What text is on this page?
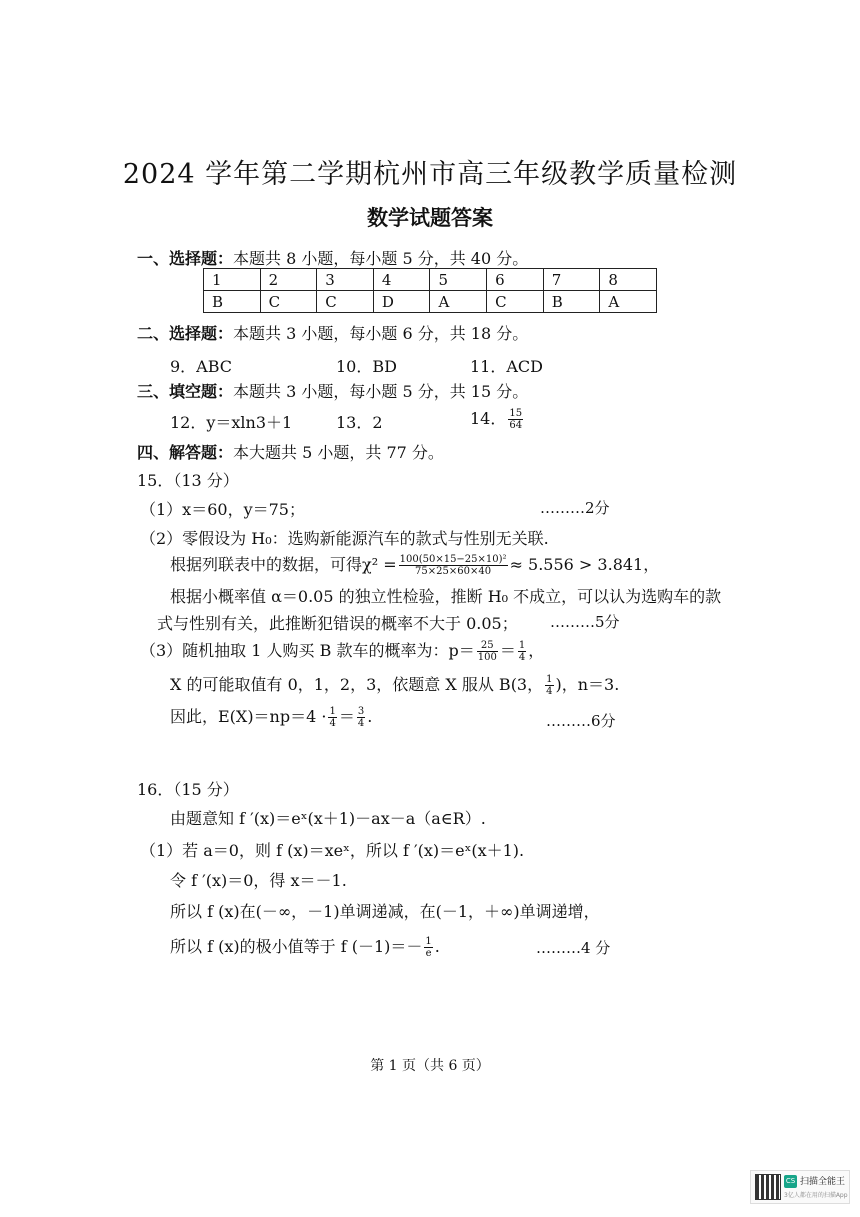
2024 学年第二学期杭州市高三年级教学质量检测
数学试题答案
一、选择题：本题共 8 小题，每小题 5 分，共 40 分。
1	2	3	4	5	6	7	8
B	C	C	D	A	C	B	A
二、选择题：本题共 3 小题，每小题 6 分，共 18 分。
9．ABC	10．BD	11．ACD
三、填空题：本题共 3 小题，每小题 5 分，共 15 分。
12．y＝xln3＋1	13．2	14． $\frac{15}{64}$
四、解答题：本大题共 5 小题，共 77 分。
15．（13 分）
（1）x＝60，y＝75；	………2分
（2）零假设为 H₀：选购新能源汽车的款式与性别无关联.
根据列联表中的数据，可得$\chi^2 = \frac{\text{100(50×15−25×10)²}}{75\times 25\times 60\times 40} \approx 5.556 > 3.841$，
根据小概率值 α＝0.05 的独立性检验，推断 H₀ 不成立，可以认为选购车的款
式与性别有关，此推断犯错误的概率不大于 0.05； ………5分
（3）随机抽取 1 人购买 B 款车的概率为：$p= \frac{25}{100} = \frac{1}{4}$ ，
X 的可能取值有 0，1，2，3，依题意 X 服从 B(3， $\frac{1}{4}$ )，n＝3.
因此，$E(X)=np=4 \cdot \frac{1}{4} = \frac{3}{4}$ .	………6分
16．（15 分）
由题意知 f ′(x)＝eˣ(x＋1)－ax－a（a∈R）.
（1）若 a＝0，则 f (x)＝xeˣ，所以 f ′(x)＝eˣ(x＋1).
令 f ′(x)＝0，得 x＝－1.
所以 f (x)在(－∞，－1)单调递减，在(－1，＋∞)单调递增，
所以 f (x)的极小值等于 f $(-1)=- \frac{1}{e}$ .	………4 分
第 1 页（共 6 页）
CS 扫描全能王
3亿人都在用的扫描App
